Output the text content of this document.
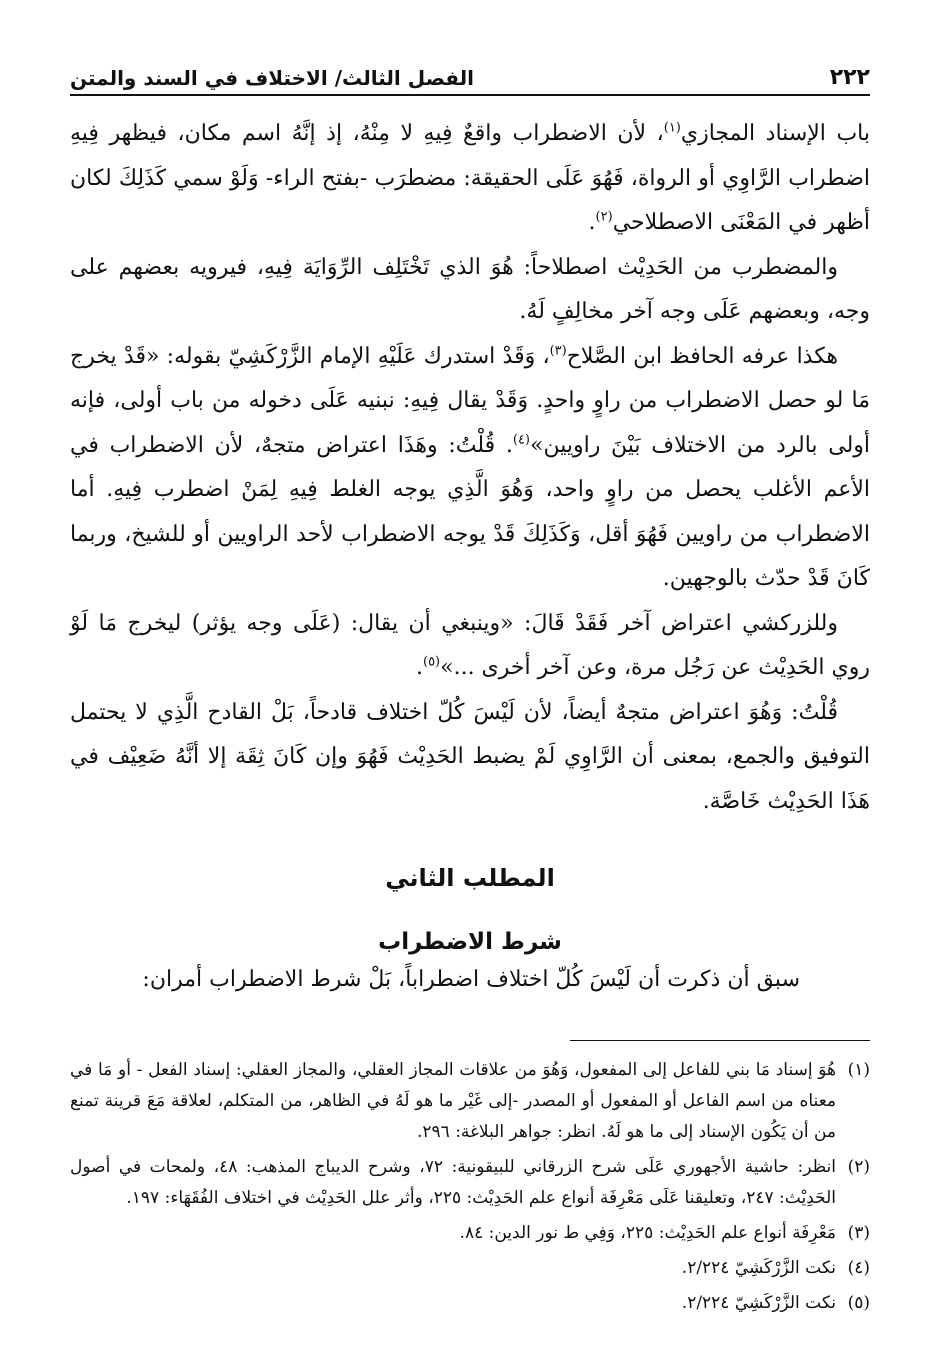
٢٢٢
الفصل الثالث/ الاختلاف في السند والمتن

باب الإسناد المجازي$^{(١)}$، لأن الاضطراب واقعٌ فِيهِ لا مِنْهُ، إذ إنَّهُ اسم مكان، فيظهر فِيهِ اضطراب الرَّاوِي أو الرواة، فَهُوَ عَلَى الحقيقة: مضطرَب -بفتح الراء- وَلَوْ سمي كَذَلِكَ لكان أظهر في المَعْنَى الاصطلاحي$^{(٢)}$.

والمضطرب من الحَدِيْث اصطلاحاً: هُوَ الذي تَخْتَلِف الرِّوَايَة فِيهِ، فيرويه بعضهم على وجه، وبعضهم عَلَى وجه آخر مخالِفٍ لَهُ.

هكذا عرفه الحافظ ابن الصَّلاح$^{(٣)}$، وَقَدْ استدرك عَلَيْهِ الإمام الزَّرْكَشِيّ بقوله: «قَدْ يخرج مَا لو حصل الاضطراب من راوٍ واحدٍ. وَقَدْ يقال فِيهِ: نبنيه عَلَى دخوله من باب أولى، فإنه أولى بالرد من الاختلاف بَيْنَ راويين»$^{(٤)}$. قُلْتُ: وهَذَا اعتراض متجهٌ، لأن الاضطراب في الأعم الأغلب يحصل من راوٍ واحد، وَهُوَ الَّذِي يوجه الغلط فِيهِ لِمَنْ اضطرب فِيهِ. أما الاضطراب من راويين فَهُوَ أقل، وَكَذَلِكَ قَدْ يوجه الاضطراب لأحد الراويين أو للشيخ، وربما كَانَ قَدْ حدّث بالوجهين.

وللزركشي اعتراض آخر فَقَدْ قَالَ: «وينبغي أن يقال: (عَلَى وجه يؤثر) ليخرج مَا لَوْ روي الحَدِيْث عن رَجُل مرة، وعن آخر أخرى ...»$^{(٥)}$.

قُلْتُ: وَهُوَ اعتراض متجهٌ أيضاً، لأن لَيْسَ كُلّ اختلاف قادحاً، بَلْ القادح الَّذِي لا يحتمل التوفيق والجمع، بمعنى أن الرَّاوِي لَمْ يضبط الحَدِيْث فَهُوَ وإن كَانَ ثِقَة إلا أنَّهُ ضَعِيْف في هَذَا الحَدِيْث خَاصَّة.

المطلب الثاني
شرط الاضطراب

سبق أن ذكرت أن لَيْسَ كُلّ اختلاف اضطراباً، بَلْ شرط الاضطراب أمران:

(١)
هُوَ إسناد مَا بني للفاعل إلى المفعول، وَهُوَ من علاقات المجاز العقلي، والمجاز العقلي: إسناد الفعل - أو مَا في معناه من اسم الفاعل أو المفعول أو المصدر -إلى غَيْر ما هو لَهُ في الظاهر، من المتكلم، لعلاقة مَعَ قرينة تمنع من أن يَكُون الإسناد إلى ما هو لَهُ. انظر: جواهر البلاغة: ٢٩٦.
(٢)
انظر: حاشية الأجهوري عَلَى شرح الزرقاني للبيقونية: ٧٢، وشرح الديباج المذهب: ٤٨، ولمحات في أصول الحَدِيْث: ٢٤٧، وتعليقنا عَلَى مَعْرِفَة أنواع علم الحَدِيْث: ٢٢٥، وأثر علل الحَدِيْث في اختلاف الفُقَهَاء: ١٩٧.
(٣)
مَعْرِفَة أنواع علم الحَدِيْث: ٢٢٥، وَفِي ط نور الدين: ٨٤.
(٤)
نكت الزَّرْكَشِيّ ٢/٢٢٤.
(٥)
نكت الزَّرْكَشِيّ ٢/٢٢٤.
